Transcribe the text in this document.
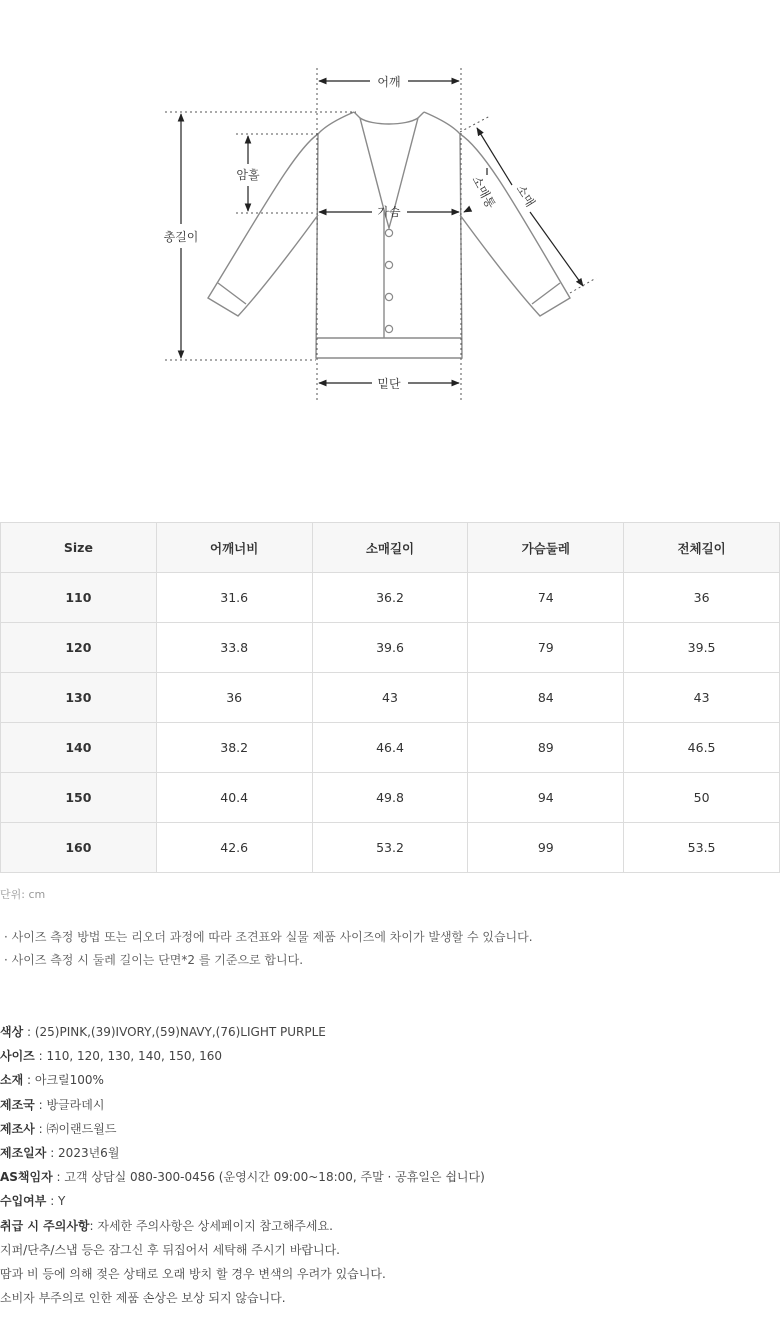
어깨
암홀
총길이
가슴
밑단
소매
소매통
Size	어깨너비	소매길이	가슴둘레	전체길이
110	31.6	36.2	74	36
120	33.8	39.6	79	39.5
130	36	43	84	43
140	38.2	46.4	89	46.5
150	40.4	49.8	94	50
160	42.6	53.2	99	53.5
단위: cm
· 사이즈 측정 방법 또는 리오더 과정에 따라 조견표와 실물 제품 사이즈에 차이가 발생할 수 있습니다.
· 사이즈 측정 시 둘레 길이는 단면*2 를 기준으로 합니다.
색상 : (25)PINK,(39)IVORY,(59)NAVY,(76)LIGHT PURPLE
사이즈 : 110, 120, 130, 140, 150, 160
소재 : 아크릴100%
제조국 : 방글라데시
제조사 : ㈜이랜드월드
제조일자 : 2023년6월
AS책임자 : 고객 상담실 080-300-0456 (운영시간 09:00~18:00, 주말 · 공휴일은 쉽니다)
수입여부 : Y
취급 시 주의사항: 자세한 주의사항은 상세페이지 참고해주세요.
지퍼/단추/스냅 등은 잠그신 후 뒤집어서 세탁해 주시기 바랍니다.
땀과 비 등에 의해 젖은 상태로 오래 방치 할 경우 변색의 우려가 있습니다.
소비자 부주의로 인한 제품 손상은 보상 되지 않습니다.
